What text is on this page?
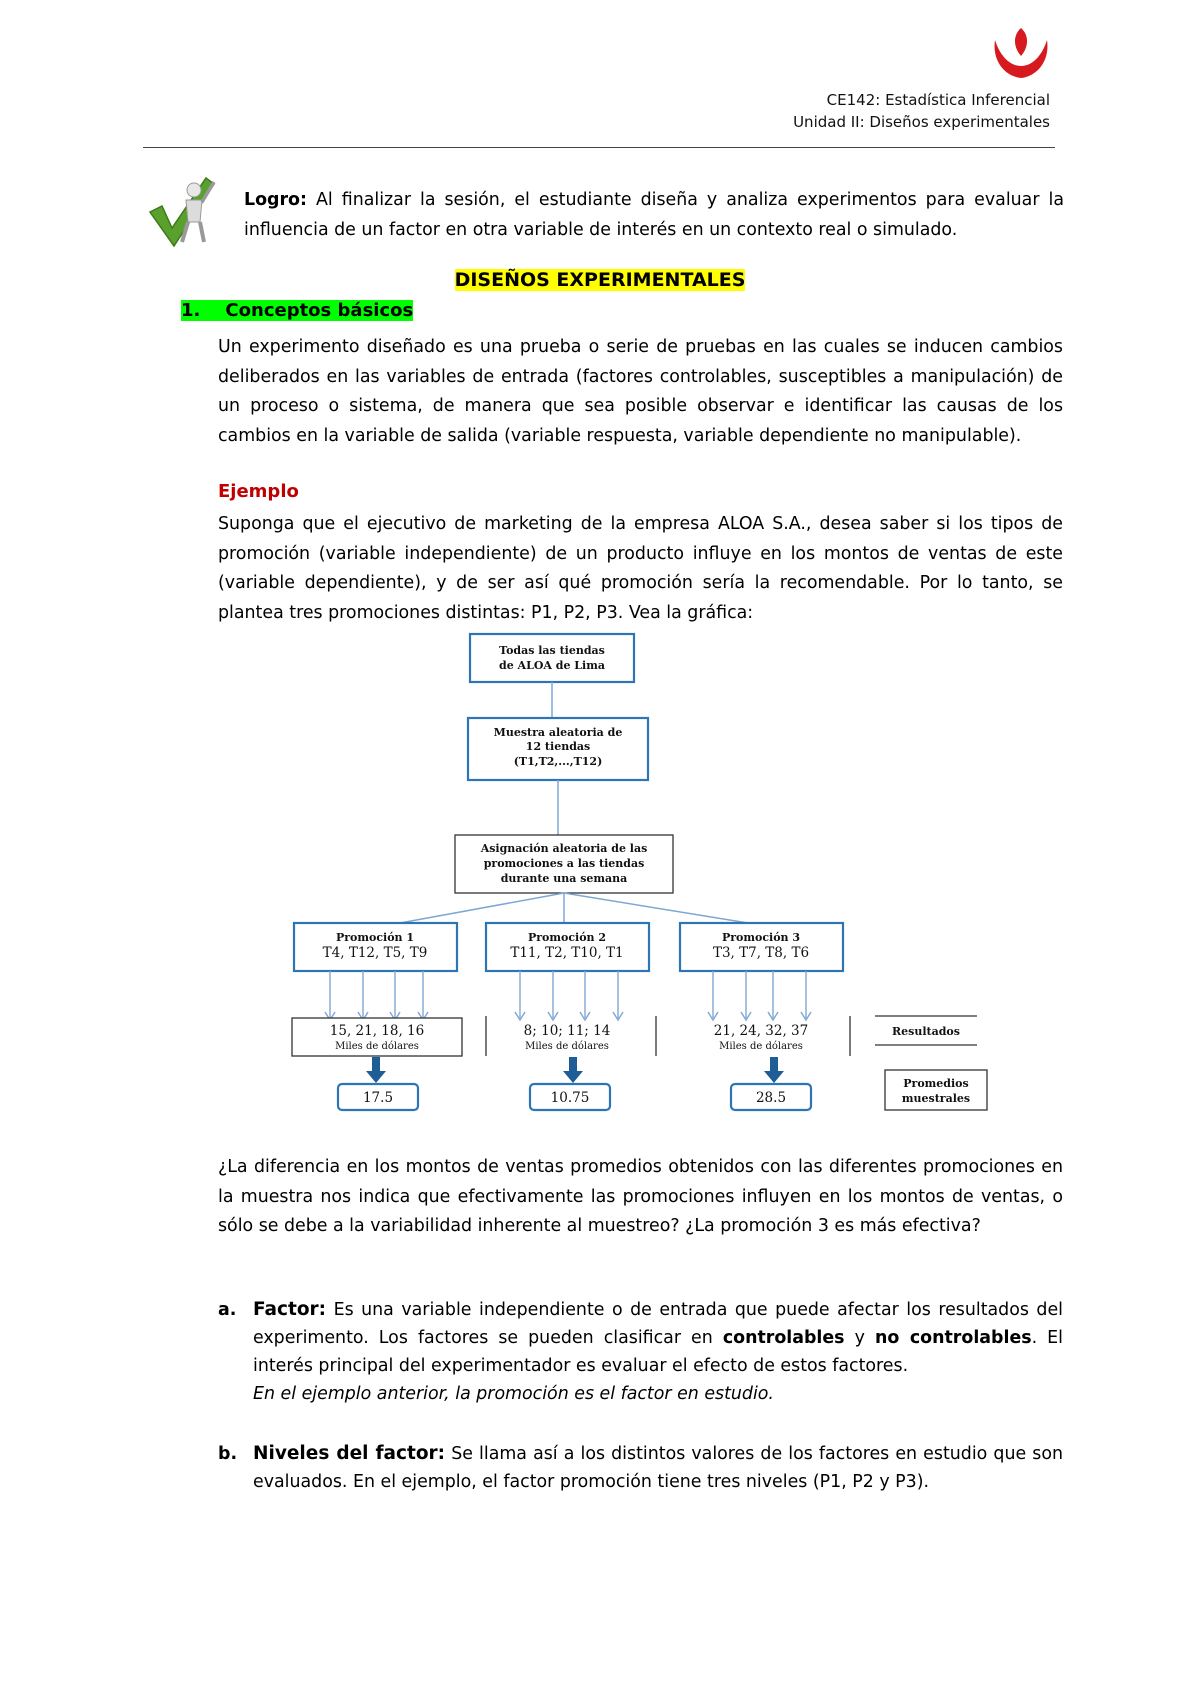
CE142: Estadística Inferencial
Unidad II: Diseños experimentales

Logro: Al finalizar la sesión, el estudiante diseña y analiza experimentos para evaluar la influencia de un factor en otra variable de interés en un contexto real o simulado.

DISEÑOS EXPERIMENTALES
1.    Conceptos básicos

Un experimento diseñado es una prueba o serie de pruebas en las cuales se inducen cambios deliberados en las variables de entrada (factores controlables, susceptibles a manipulación) de un proceso o sistema, de manera que sea posible observar e identificar las causas de los cambios en la variable de salida (variable respuesta, variable dependiente no manipulable).

Ejemplo

Suponga que el ejecutivo de marketing de la empresa ALOA S.A., desea saber si los tipos de promoción (variable independiente) de un producto influye en los montos de ventas de este (variable dependiente), y de ser así qué promoción sería la recomendable. Por lo tanto, se plantea tres promociones distintas: P1, P2, P3. Vea la gráfica:

Todas las tiendas
de ALOA de Lima
Muestra aleatoria de
12 tiendas
(T1,T2,...,T12)
Asignación aleatoria de las
promociones a las tiendas
durante una semana
Promoción 1
T4, T12, T5, T9
Promoción 2
T11, T2, T10, T1
Promoción 3
T3, T7, T8, T6
15, 21, 18, 16
Miles de dólares
8; 10; 11; 14
Miles de dólares
21, 24, 32, 37
Miles de dólares
Resultados
17.5	10.75	28.5
Promedios
muestrales

¿La diferencia en los montos de ventas promedios obtenidos con las diferentes promociones en la muestra nos indica que efectivamente las promociones influyen en los montos de ventas, o sólo se debe a la variabilidad inherente al muestreo? ¿La promoción 3 es más efectiva?

a. Factor: Es una variable independiente o de entrada que puede afectar los resultados del experimento. Los factores se pueden clasificar en controlables y no controlables. El interés principal del experimentador es evaluar el efecto de estos factores.
En el ejemplo anterior, la promoción es el factor en estudio.
b. Niveles del factor: Se llama así a los distintos valores de los factores en estudio que son evaluados. En el ejemplo, el factor promoción tiene tres niveles (P1, P2 y P3).
